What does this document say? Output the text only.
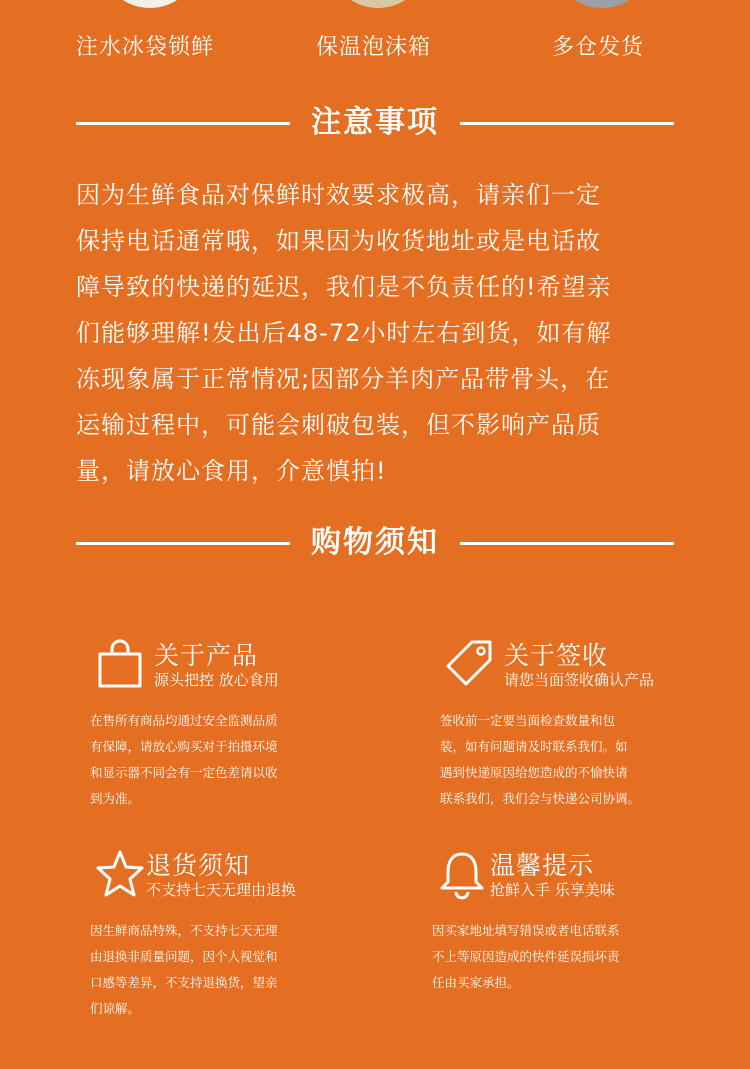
注水冰袋锁鲜	保温泡沫箱	多仓发货
注意事项
因为生鲜食品对保鲜时效要求极高，请亲们一定
保持电话通常哦，如果因为收货地址或是电话故
障导致的快递的延迟，我们是不负责任的!希望亲
们能够理解!发出后48-72小时左右到货，如有解
冻现象属于正常情况;因部分羊肉产品带骨头，在
运输过程中，可能会刺破包装，但不影响产品质
量，请放心食用，介意慎拍!
购物须知
关于产品
源头把控 放心食用
在售所有商品均通过安全监测品质
有保障，请放心购买对于拍摄环境
和显示器不同会有一定色差请以收
到为准。
关于签收
请您当面签收确认产品
签收前一定要当面检查数量和包
装，如有问题请及时联系我们。如
遇到快递原因给您造成的不愉快请
联系我们，我们会与快递公司协调。
退货须知
不支持七天无理由退换
因生鲜商品特殊，不支持七天无理
由退换非质量问题，因个人视觉和
口感等差异，不支持退换货，望亲
们谅解。
温馨提示
抢鲜入手 乐享美味
因买家地址填写错误或者电话联系
不上等原因造成的快件延误损坏责
任由买家承担。
